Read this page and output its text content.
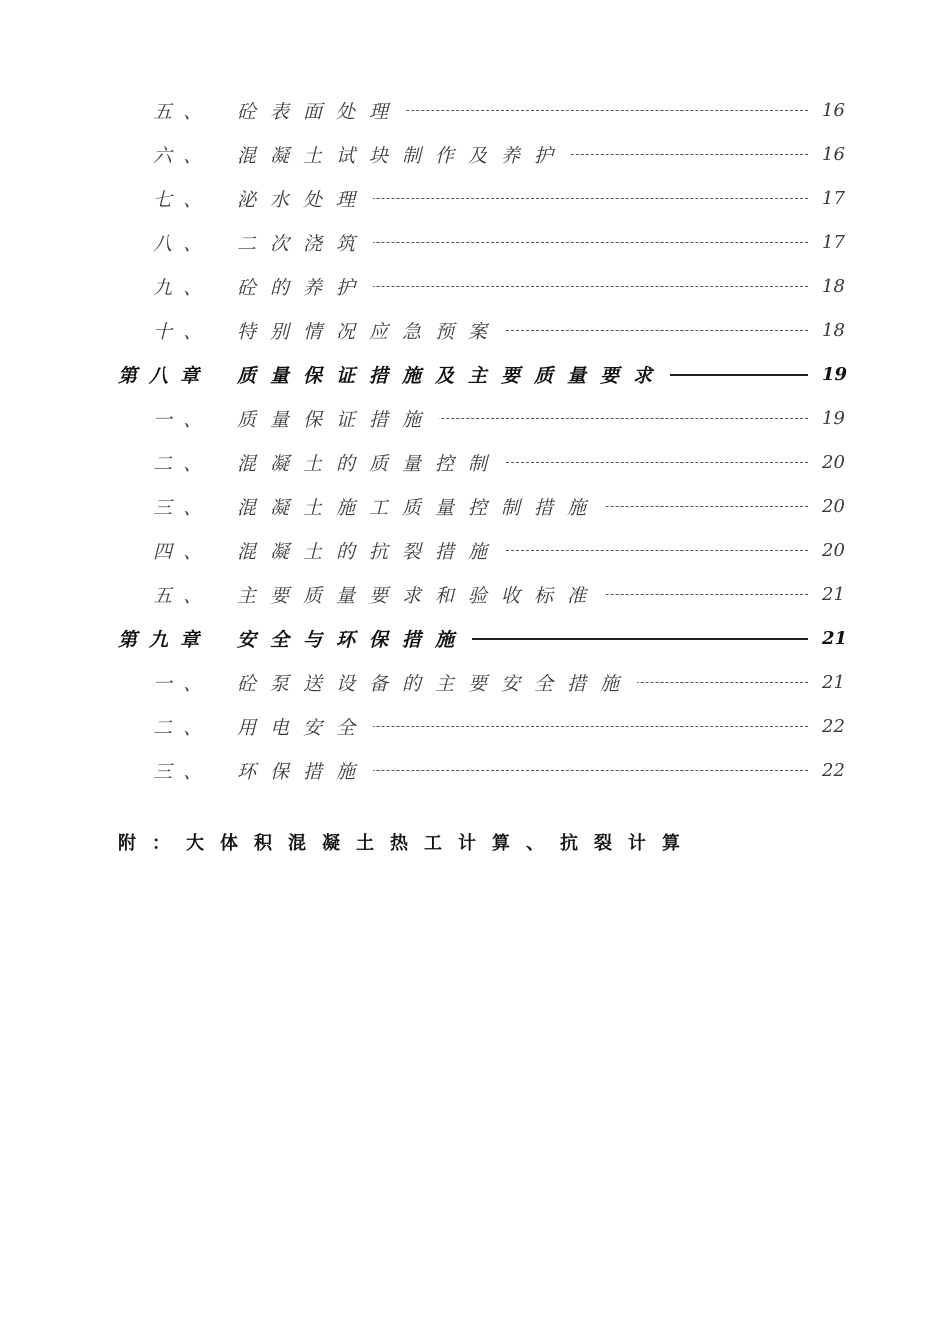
五、 砼表面处理	16
六、 混凝土试块制作及养护	16
七、 泌水处理	17
八、 二次浇筑	17
九、 砼的养护	18
十、 特别情况应急预案	18
第八章 质量保证措施及主要质量要求	19
一、 质量保证措施	19
二、 混凝土的质量控制	20
三、 混凝土施工质量控制措施	20
四、 混凝土的抗裂措施	20
五、 主要质量要求和验收标准	21
第九章 安全与环保措施	21
一、 砼泵送设备的主要安全措施	21
二、 用电安全	22
三、 环保措施	22
附：大体积混凝土热工计算、抗裂计算
